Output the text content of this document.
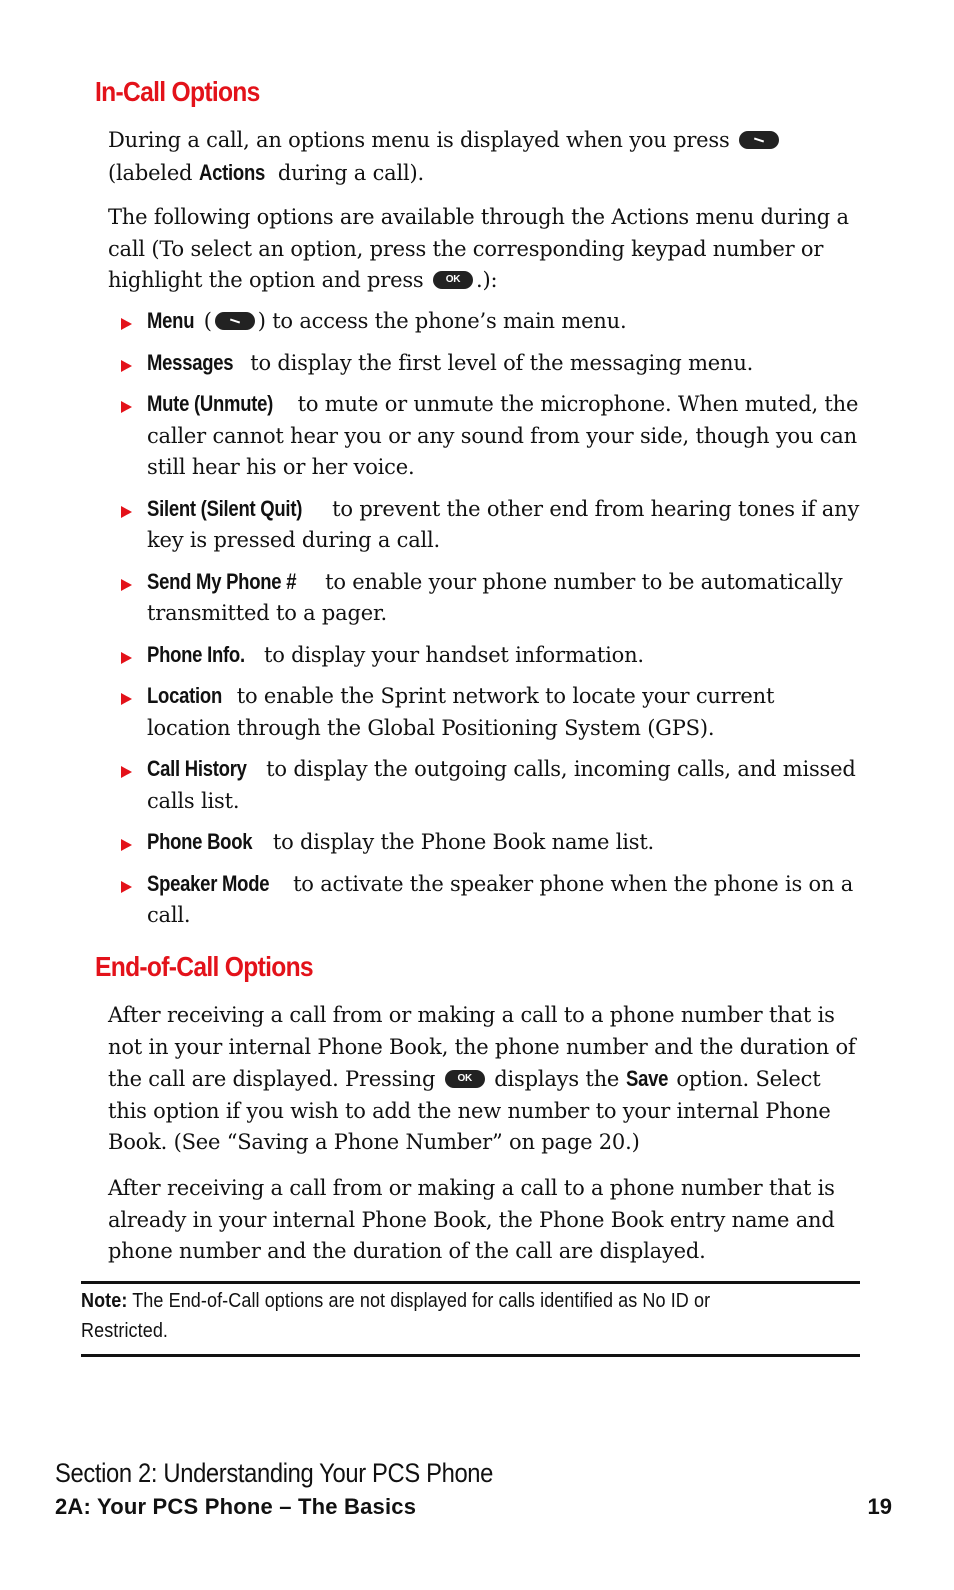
In-Call Options

During a call, an options menu is displayed when you press
(labeled Actions during a call).

The following options are available through the Actions menu during a call (To select an option, press the corresponding keypad number or highlight the option and press OK .):

Menu ( ) to access the phone’s main menu.
Messages to display the first level of the messaging menu.
Mute (Unmute) to mute or unmute the microphone. When muted, the caller cannot hear you or any sound from your side, though you can still hear his or her voice.
Silent (Silent Quit) to prevent the other end from hearing tones if any key is pressed during a call.
Send My Phone # to enable your phone number to be automatically transmitted to a pager.
Phone Info. to display your handset information.
Location to enable the Sprint network to locate your current location through the Global Positioning System (GPS).
Call History to display the outgoing calls, incoming calls, and missed calls list.
Phone Book to display the Phone Book name list.
Speaker Mode to activate the speaker phone when the phone is on a call.
End-of-Call Options

After receiving a call from or making a call to a phone number that is not in your internal Phone Book, the phone number and the duration of the call are displayed. Pressing OK displays the Save option. Select this option if you wish to add the new number to your internal Phone Book. (See “Saving a Phone Number” on page 20.)

After receiving a call from or making a call to a phone number that is already in your internal Phone Book, the Phone Book entry name and phone number and the duration of the call are displayed.

Note: The End-of-Call options are not displayed for calls identified as No ID or Restricted.
Section 2: Understanding Your PCS Phone
2A: Your PCS Phone – The Basics	19
